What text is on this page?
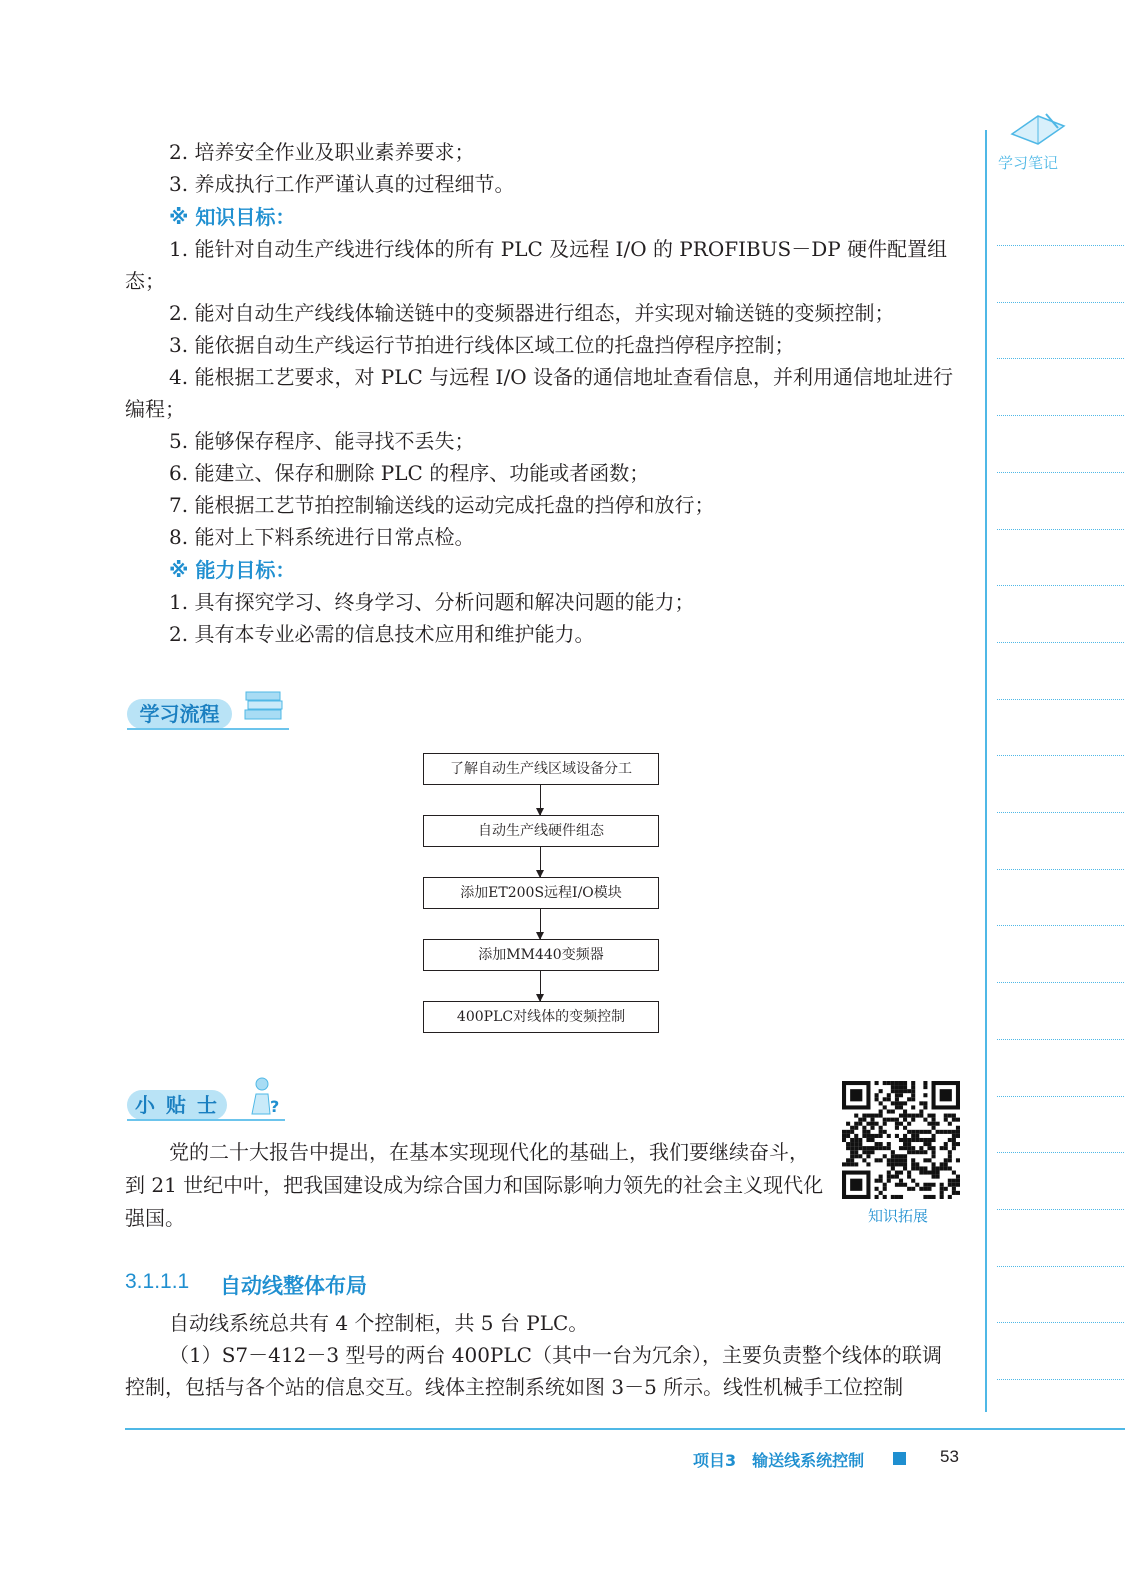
学习笔记

2. 培养安全作业及职业素养要求；

3. 养成执行工作严谨认真的过程细节。

※ 知识目标：

1. 能针对自动生产线进行线体的所有 PLC 及远程 I/O 的 PROFIBUS－DP 硬件配置组态；

2. 能对自动生产线线体输送链中的变频器进行组态，并实现对输送链的变频控制；

3. 能依据自动生产线运行节拍进行线体区域工位的托盘挡停程序控制；

4. 能根据工艺要求，对 PLC 与远程 I/O 设备的通信地址查看信息，并利用通信地址进行编程；

5. 能够保存程序、能寻找不丢失；

6. 能建立、保存和删除 PLC 的程序、功能或者函数；

7. 能根据工艺节拍控制输送线的运动完成托盘的挡停和放行；

8. 能对上下料系统进行日常点检。

※ 能力目标：

1. 具有探究学习、终身学习、分析问题和解决问题的能力；

2. 具有本专业必需的信息技术应用和维护能力。

学习流程
了解自动生产线区域设备分工
自动生产线硬件组态
添加ET200S远程I/O模块
添加MM440变频器
400PLC对线体的变频控制
小 贴 士	?

党的二十大报告中提出，在基本实现现代化的基础上，我们要继续奋斗，到 21 世纪中叶，把我国建设成为综合国力和国际影响力领先的社会主义现代化强国。	知识拓展
3.1.1.1 自动线整体布局

自动线系统总共有 4 个控制柜，共 5 台 PLC。

（1）S7－412－3 型号的两台 400PLC（其中一台为冗余），主要负责整个线体的联调控制，包括与各个站的信息交互。线体主控制系统如图 3－5 所示。线性机械手工位控制

项目3　输送线系统控制	53
